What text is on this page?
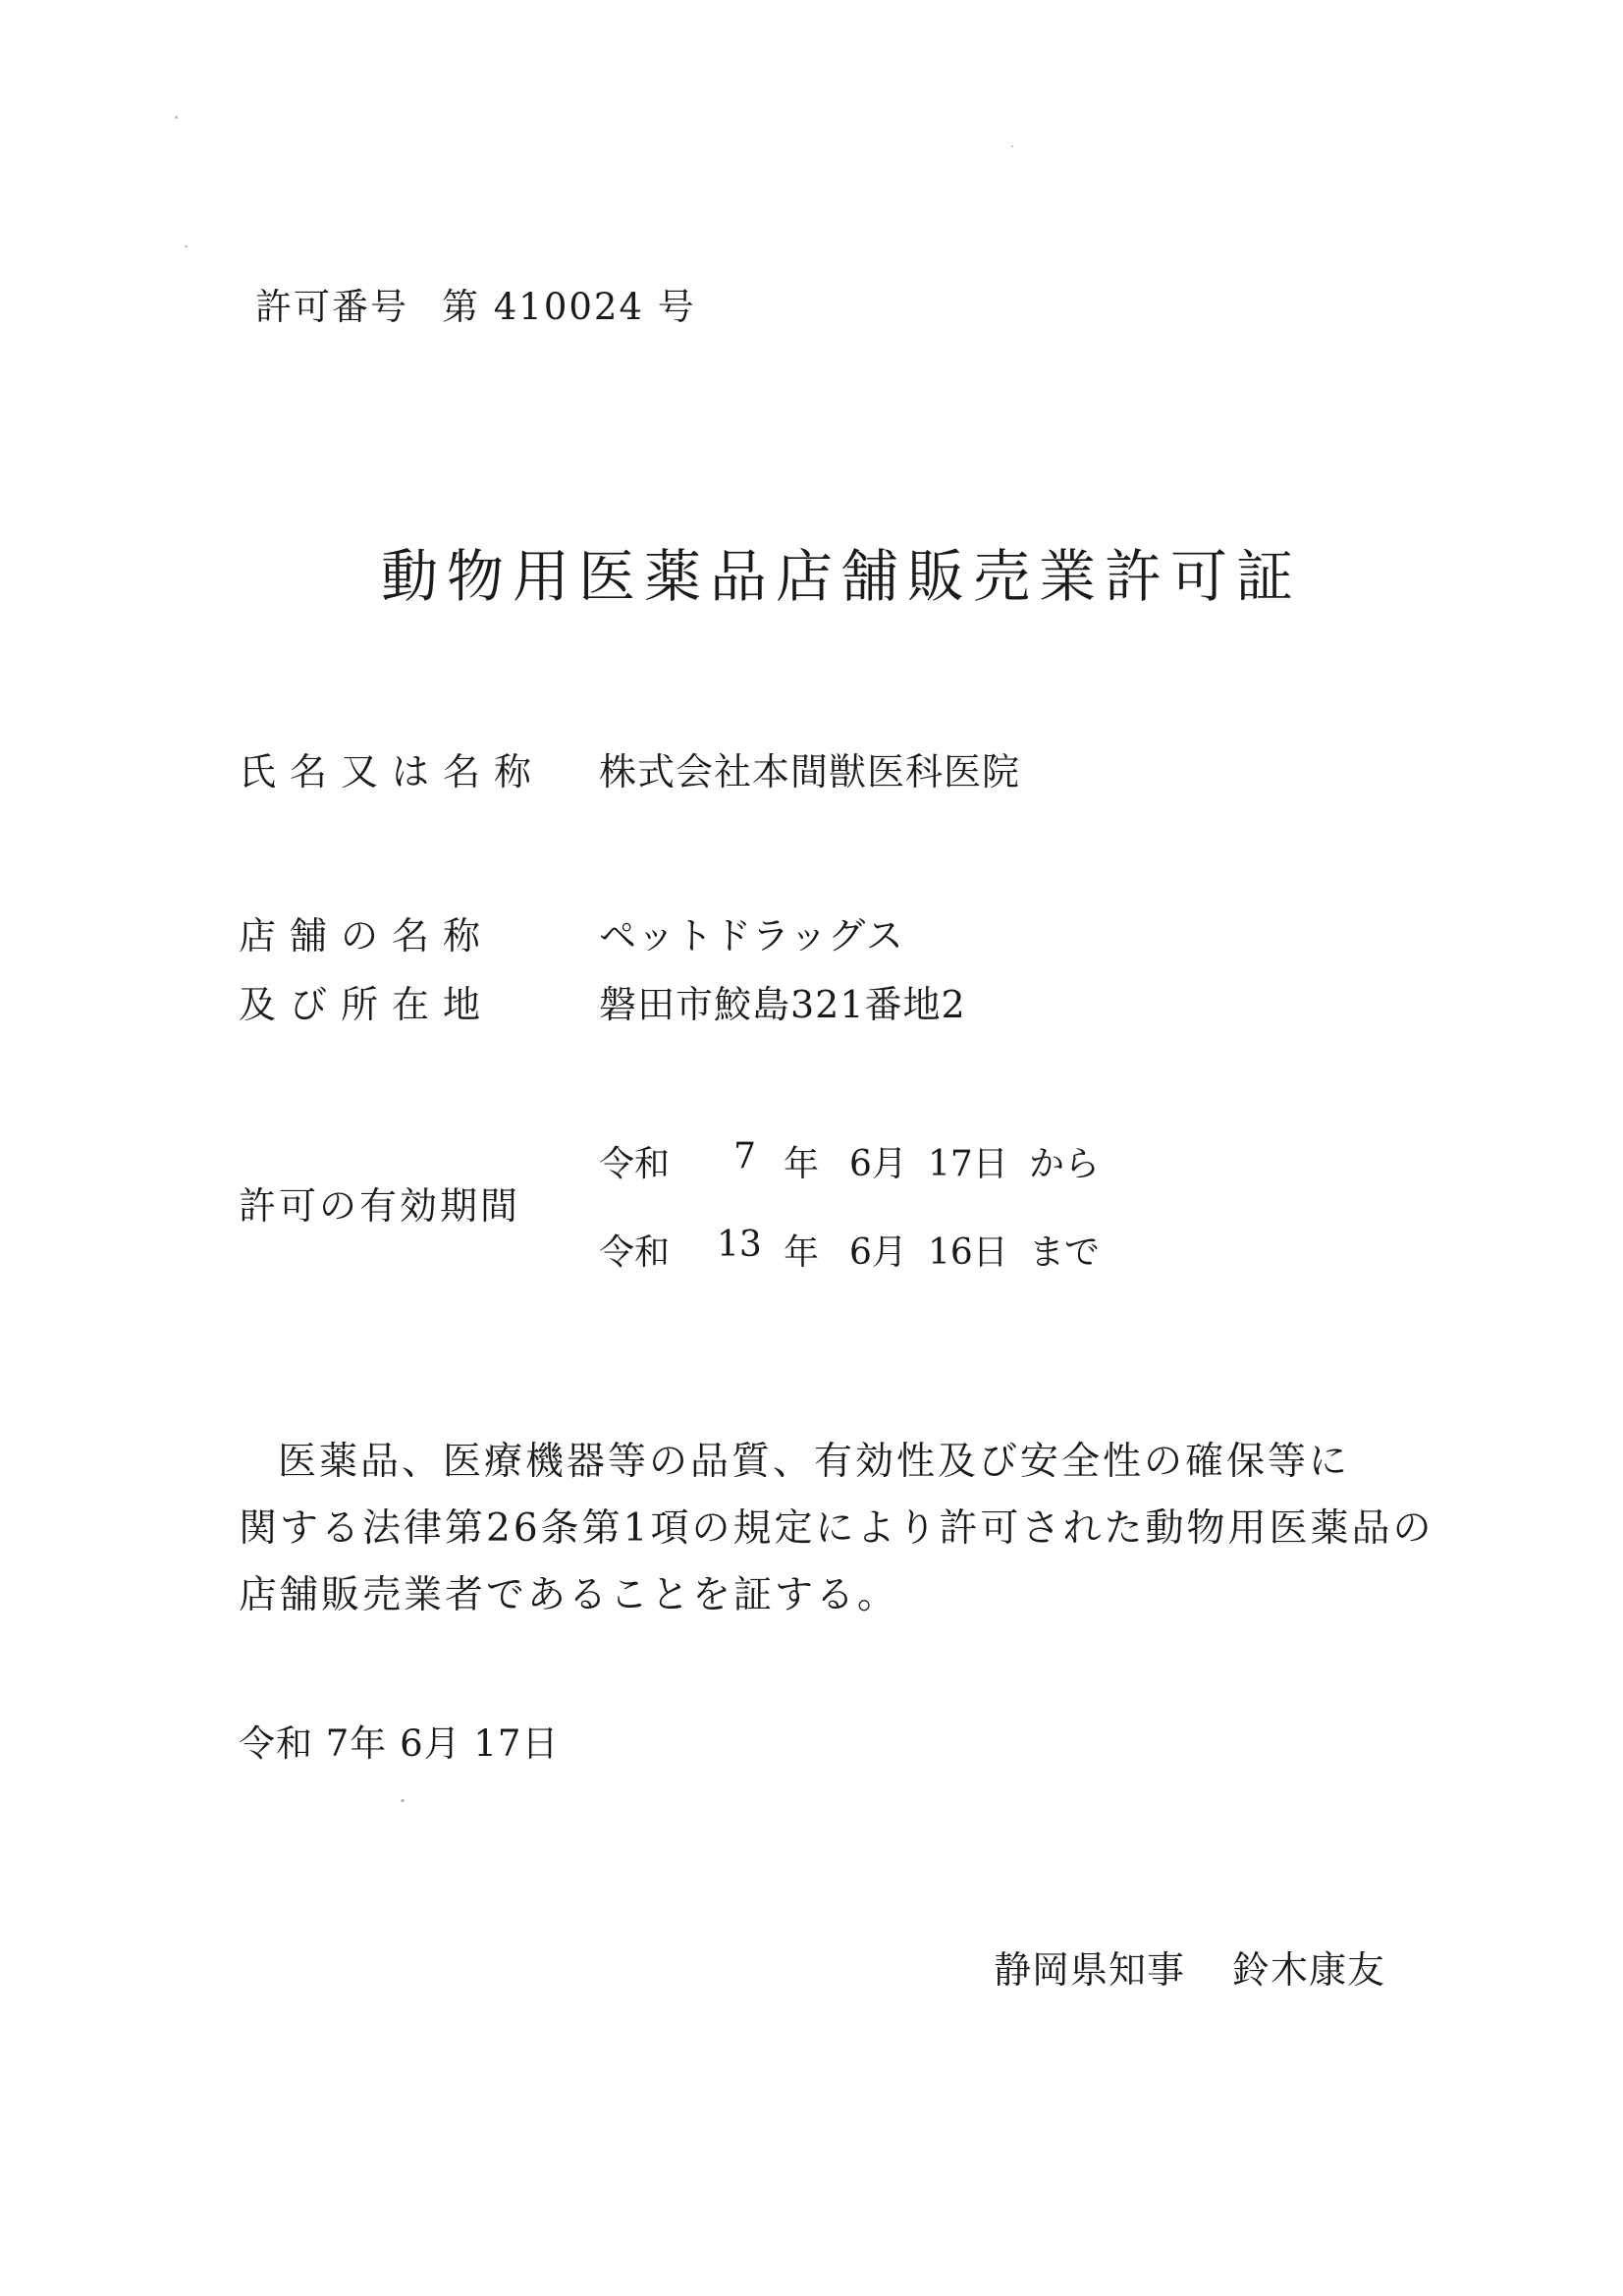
許可番号 第 410024 号
動物用医薬品店舗販売業許可証
氏名又は名称 株式会社本間獣医科医院
店舗の名称	ペットドラッグス
及び所在地	磐田市鮫島321番地2
許可の有効期間
令和	7 年 6月 17日 から
令和 13 年 6月 16日 まで
医薬品、医療機器等の品質、有効性及び安全性の確保等に
関する法律第26条第1項の規定により許可された動物用医薬品の
店舗販売業者であることを証する。
令和 7年 6月 17日
静岡県知事 鈴木康友
